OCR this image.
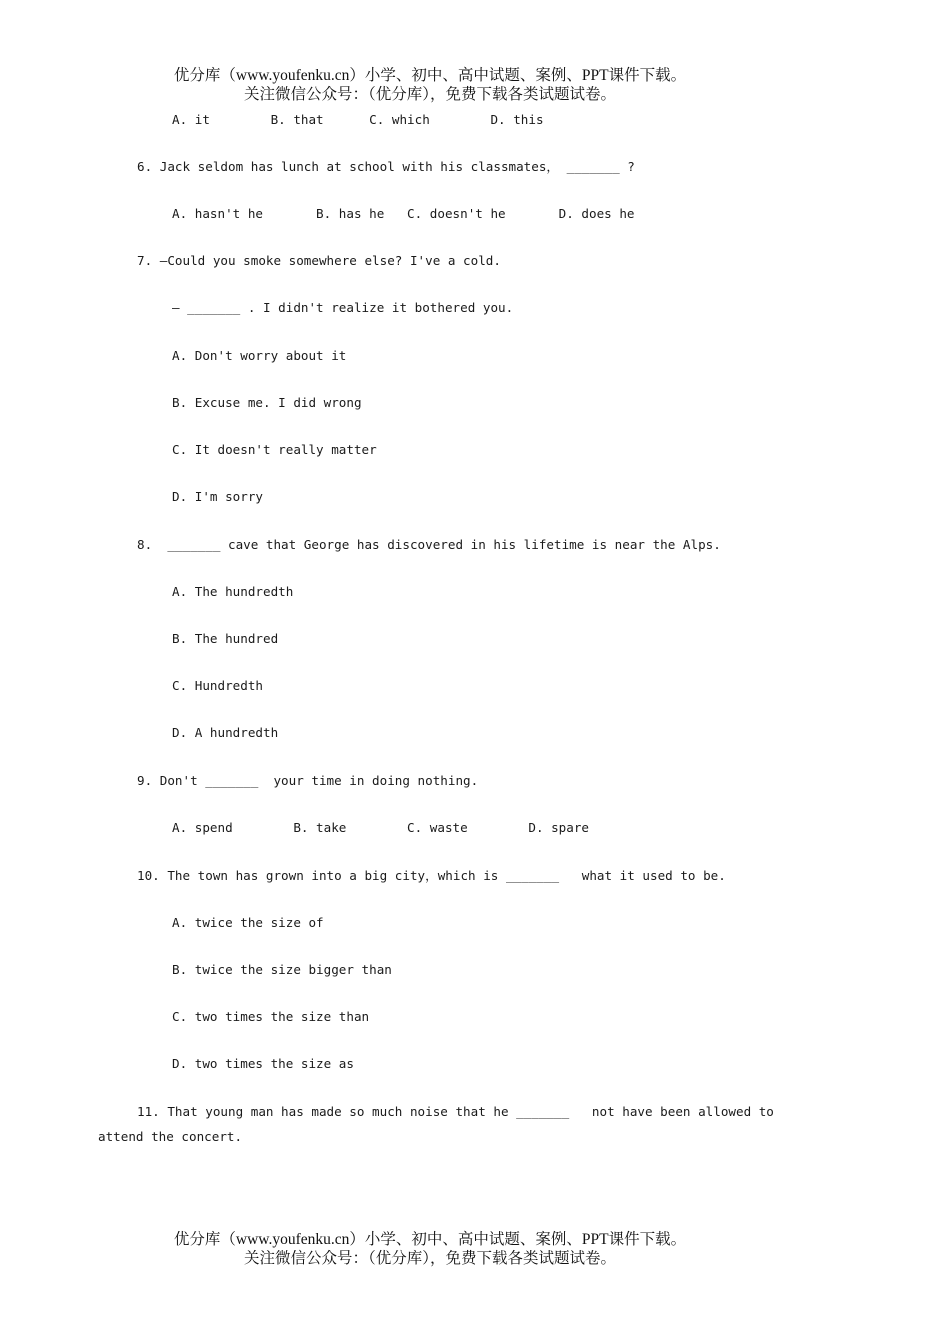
优分库（www.youfenku.cn）小学、初中、高中试题、案例、PPT课件下载。
关注微信公众号：（优分库），免费下载各类试题试卷。
A. it        B. that      C. which        D. this
6. Jack seldom has lunch at school with his classmates， _______ ?
A. hasn't he       B. has he   C. doesn't he       D. does he
7. —Could you smoke somewhere else? I've a cold.
— _______ . I didn't realize it bothered you.
A. Don't worry about it
B. Excuse me. I did wrong
C. It doesn't really matter
D. I'm sorry
8.  _______ cave that George has discovered in his lifetime is near the Alps.
A. The hundredth
B. The hundred
C. Hundredth
D. A hundredth
9. Don't _______  your time in doing nothing.
A. spend        B. take        C. waste        D. spare
10. The town has grown into a big city，which is _______   what it used to be.
A. twice the size of
B. twice the size bigger than
C. two times the size than
D. two times the size as
11. That young man has made so much noise that he _______   not have been allowed to
attend the concert.
优分库（www.youfenku.cn）小学、初中、高中试题、案例、PPT课件下载。
关注微信公众号：（优分库），免费下载各类试题试卷。
